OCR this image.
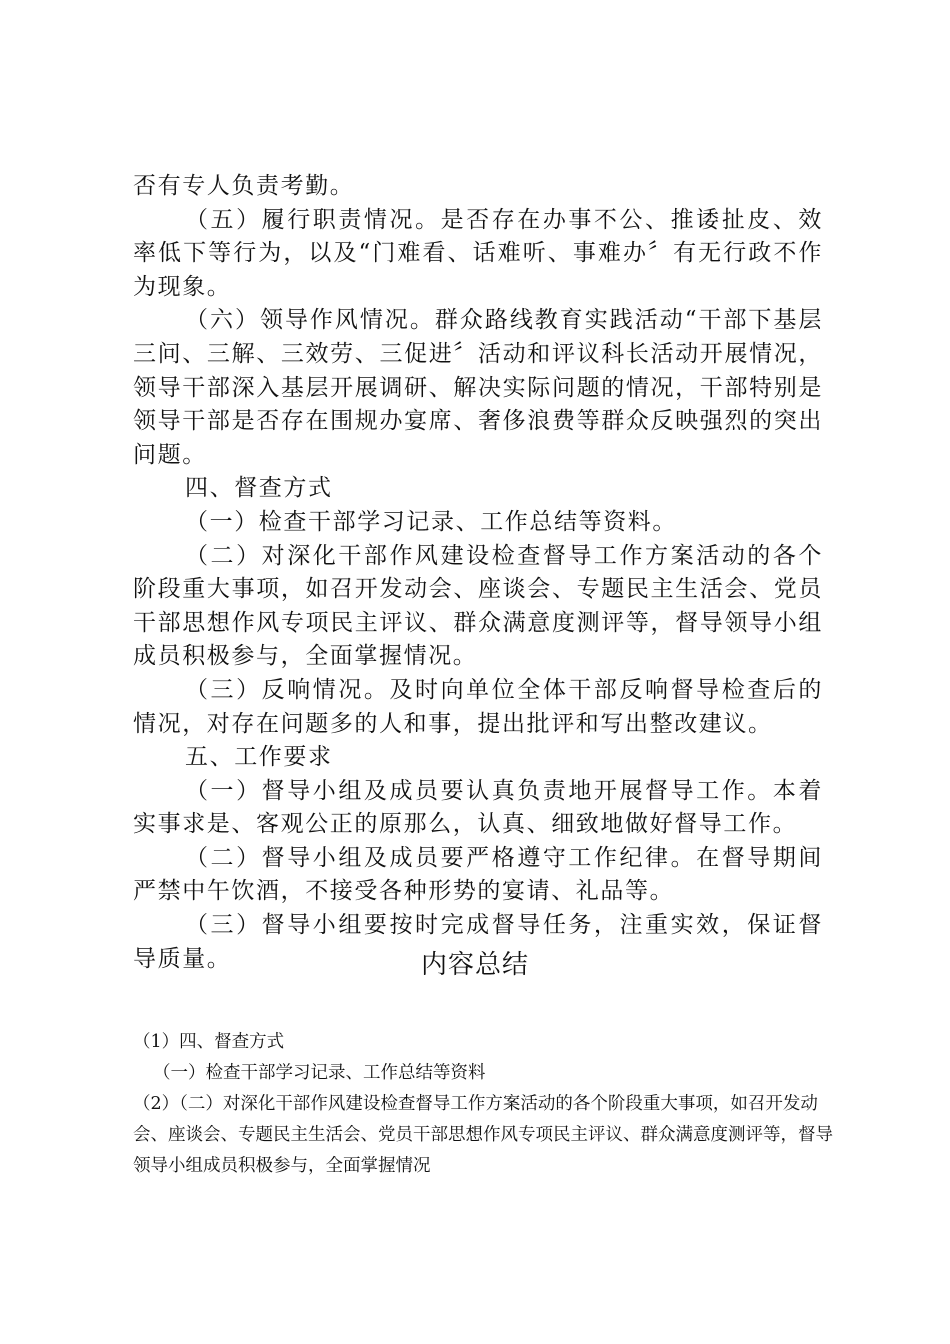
否有专人负责考勤。

（五）履行职责情况。是否存在办事不公、推诿扯皮、效率低下等行为，以及“门难看、话难听、事难办〞有无行政不作为现象。

（六）领导作风情况。群众路线教育实践活动“干部下基层三问、三解、三效劳、三促进〞活动和评议科长活动开展情况，领导干部深入基层开展调研、解决实际问题的情况，干部特别是领导干部是否存在围规办宴席、奢侈浪费等群众反映强烈的突出问题。

四、督查方式

（一）检查干部学习记录、工作总结等资料。

（二）对深化干部作风建设检查督导工作方案活动的各个阶段重大事项，如召开发动会、座谈会、专题民主生活会、党员干部思想作风专项民主评议、群众满意度测评等，督导领导小组成员积极参与，全面掌握情况。

（三）反响情况。及时向单位全体干部反响督导检查后的情况，对存在问题多的人和事，提出批评和写出整改建议。

五、工作要求

（一）督导小组及成员要认真负责地开展督导工作。本着实事求是、客观公正的原那么，认真、细致地做好督导工作。

（二）督导小组及成员要严格遵守工作纪律。在督导期间严禁中午饮酒，不接受各种形势的宴请、礼品等。

（三）督导小组要按时完成督导任务，注重实效，保证督导质量。	内容总结

（1）四、督查方式

（一）检查干部学习记录、工作总结等资料

（2）（二）对深化干部作风建设检查督导工作方案活动的各个阶段重大事项，如召开发动会、座谈会、专题民主生活会、党员干部思想作风专项民主评议、群众满意度测评等，督导领导小组成员积极参与，全面掌握情况
